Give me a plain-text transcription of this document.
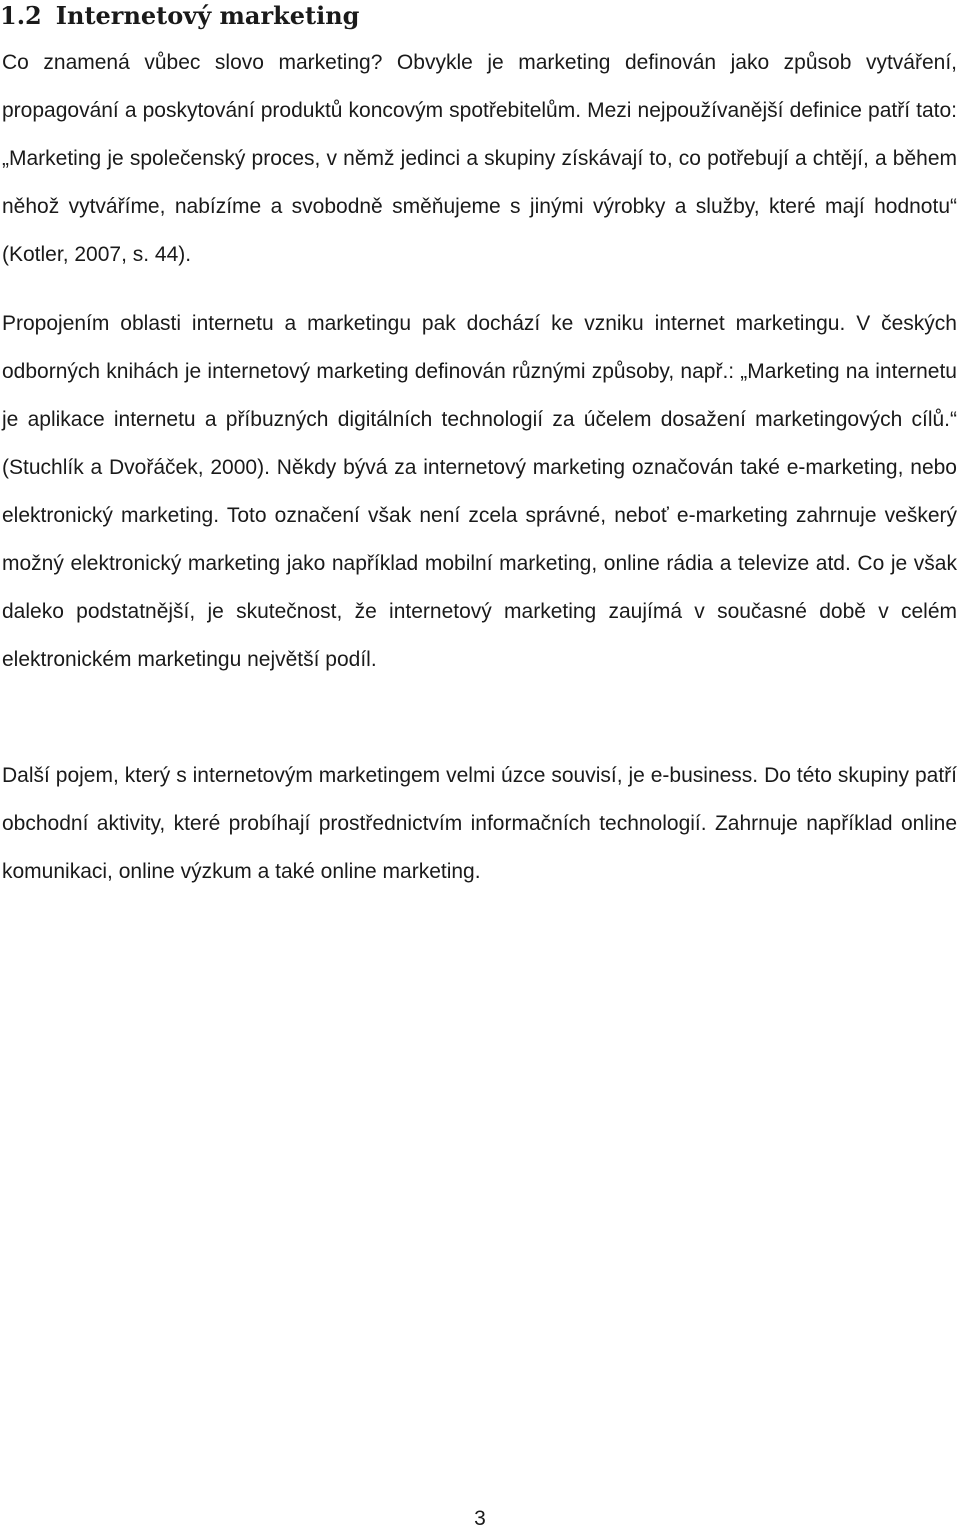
1.2 Internetový marketing

Co znamená vůbec slovo marketing? Obvykle je marketing definován jako způsob vytváření, propagování a poskytování produktů koncovým spotřebitelům. Mezi nejpoužívanější definice patří tato: „Marketing je společenský proces, v němž jedinci a skupiny získávají to, co potřebují a chtějí, a během něhož vytváříme, nabízíme a svobodně směňujeme s jinými výrobky a služby, které mají hodnotu“ (Kotler, 2007, s. 44).

Propojením oblasti internetu a marketingu pak dochází ke vzniku internet marketingu. V českých odborných knihách je internetový marketing definován různými způsoby, např.: „Marketing na internetu je aplikace internetu a příbuzných digitálních technologií za účelem dosažení marketingových cílů.“ (Stuchlík a Dvořáček, 2000). Někdy bývá za internetový marketing označován také e-marketing, nebo elektronický marketing. Toto označení však není zcela správné, neboť e-marketing zahrnuje veškerý možný elektronický marketing jako například mobilní marketing, online rádia a televize atd. Co je však daleko podstatnější, je skutečnost, že internetový marketing zaujímá v současné době v celém elektronickém marketingu největší podíl.

Další pojem, který s internetovým marketingem velmi úzce souvisí, je e-business. Do této skupiny patří obchodní aktivity, které probíhají prostřednictvím informačních technologií. Zahrnuje například online komunikaci, online výzkum a také online marketing.

3
